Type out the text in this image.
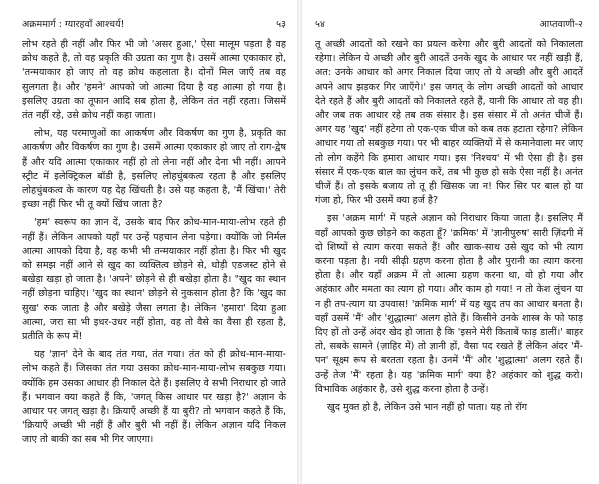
अक्रममार्ग : ग्यारहवाँ आश्चर्य!	५३

लोभ रहते ही नहीं और फिर भी जो 'असर हुआ,' ऐसा मालूम पड़ता है वह क्रोध कहते है, तो वह प्रकृति की उग्रता का गुण है। उसमें आत्मा एकाकार हो, 'तन्मयाकार हो जाए तो वह क्रोध कहलाता है। दोनों मिल जाएँ तब वह सुलगता है। और 'हमने' आपको जो आत्मा दिया है वह आत्मा हो गया है। इसलिए उग्रता का तूफान आदि सब होता है, लेकिन तंत नहीं रहता। जिसमें तंत नहीं रहे, उसे क्रोध नहीं कहा जाता।

लोभ, यह परमाणुओं का आकर्षण और विकर्षण का गुण है, प्रकृति का आकर्षण और विकर्षण का गुण है। उसमें आत्मा एकाकार हो जाए तो राग-द्वेष हैं और यदि आत्मा एकाकार नहीं हो तो लेना नहीं और देना भी नहीं। आपने स्ट्रीट में इलेक्ट्रिकल बॉडी है, इसलिए लोहचुंबकत्व रहता है और इसलिए लोहचुंबकत्व के कारण यह देह खिंचती है। उसे यह कहता है, 'मैं खिंचा।' तेरी इच्छा नहीं फिर भी तू क्यों खिंच जाता है?

'हम' स्वरूप का ज्ञान दें, उसके बाद फिर क्रोध-मान-माया-लोभ रहते ही नहीं हैं। लेकिन आपको यहाँ पर उन्हें पहचान लेना पड़ेगा। क्योंकि जो निर्मल आत्मा आपको दिया है, वह कभी भी तन्मयाकार नहीं होता है। फिर भी खुद को समझ नहीं आने से खुद का व्यक्तित्व छोड़ने से, थोड़ी एडजस्ट होने से बखेड़ा खड़ा हो जाता है। 'अपने' छोड़ने से ही बखेड़ा होता है। "खुद का स्थान नहीं छोड़ना चाहिए। 'खुद का स्थान' छोड़ने से नुकसान होता है? कि 'खुद का सुख' रुक जाता है और बखेड़े जैसा लगता है। लेकिन 'हमारा' दिया हुआ आत्मा, जरा सा भी इधर-उधर नहीं होता, वह तो वैसे का वैसा ही रहता है, प्रतीति के रूप में!

यह 'ज्ञान' देने के बाद तंत गया, तंत गया। तंत को ही क्रोध-मान-माया-लोभ कहते हैं। जिसका तंत गया उसका क्रोध-मान-माया-लोभ सबकुछ गया। क्योंकि हम उसका आधार ही निकाल देते हैं। इसलिए वे सभी निराधार हो जाते हैं। भगवान क्या कहते हैं कि, 'जगत् किस आधार पर खड़ा है?' अज्ञान के आधार पर जगत् खड़ा है। क्रियाएँ अच्छी हैं या बुरी? तो भगवान कहते हैं कि, 'क्रियाएँ अच्छी भी नहीं हैं और बुरी भी नहीं हैं। लेकिन अज्ञान यदि निकल जाए तो बाकी का सब भी गिर जाएगा।

५४	आप्तवाणी-२

तू अच्छी आदतों को रखने का प्रयत्न करेगा और बुरी आदतों को निकालता रहेगा। लेकिन ये अच्छी और बुरी आदतें उनके खुद के आधार पर नहीं खड़ी हैं, अत: उनके आधार को अगर निकाल दिया जाए तो ये अच्छी और बुरी आदतें अपने आप झड़कर गिर जाएँगे।' इस जगत् के लोग अच्छी आदतों को आधार देते रहते हैं और बुरी आदतों को निकालते रहते हैं, यानी कि आधार तो वह ही। और जब तक आधार रहे तब तक संसार है। इस संसार में तो अनंत चीजें हैं। अगर यह 'खुद' नहीं हटेगा तो एक-एक चीज को कब तक हटाता रहेगा? लेकिन आधार गया तो सबकुछ गया। पर भी बाहर व्यक्तियों में से कमानेवाला मर जाए तो लोग कहेंगे कि हमारा आधार गया। इस 'निश्चय' में भी ऐसा ही है। इस संसार में एक-एक बाल का लुंचन करें, तब भी कुछ हो सके ऐसा नहीं है। अनंत चीजें हैं। तो इसके बजाय तो तू ही खिसक जा न! फिर सिर पर बाल हो या गंजा हो, फिर भी उसमें क्या हर्ज है?

इस 'अक्रम मार्ग' में पहले अज्ञान को निराधार किया जाता है। इसलिए मैं वहाँ आपको कुछ छोड़ने का कहता हूँ? 'क्रमिक' में 'ज्ञानीपुरुष' सारी ज़िंदगी में दो शिष्यों से त्याग करवा सकते हैं! और खाक-साथ उसे खुद को भी त्याग करना पड़ता है। नयी सीढ़ी ग्रहण करना होता है और पुरानी का त्याग करना होता है। और यहाँ अक्रम में तो आत्मा ग्रहण करना था, वो हो गया और अहंकार और ममता का त्याग हो गया। और काम हो गया! न तो केश लुंचन या न ही तप-त्याग या उपवास! 'क्रमिक मार्ग' में यह खुद तप का आधार बनता है। वहाँ उसमें 'मैं' और 'शुद्धात्मा' अलग होते हैं। किसीने उनके शास्त्र के फो फाड़ दिए हों तो उन्हें अंदर खेद हो जाता है कि 'इसने मेरी किताबें फाड़ डालीं।' बाहर तो, सबके सामने (ज़ाहिर में) तो ज्ञानी हों, वैसा पद रखते हैं लेकिन अंदर 'मैं-पन' सूक्ष्म रूप से बरतता रहता है। उनमें 'मैं' और 'शुद्धात्मा' अलग रहते हैं। उन्हें तेज 'मैं' रहता है। यह 'क्रमिक मार्ग' क्या है? अहंकार को शुद्ध करो। विभाविक अहंकार है, उसे शुद्ध करना होता है उन्हें।

खुद मुक्त हो है, लेकिन उसे भान नहीं हो पाता। यह तो रॉग
